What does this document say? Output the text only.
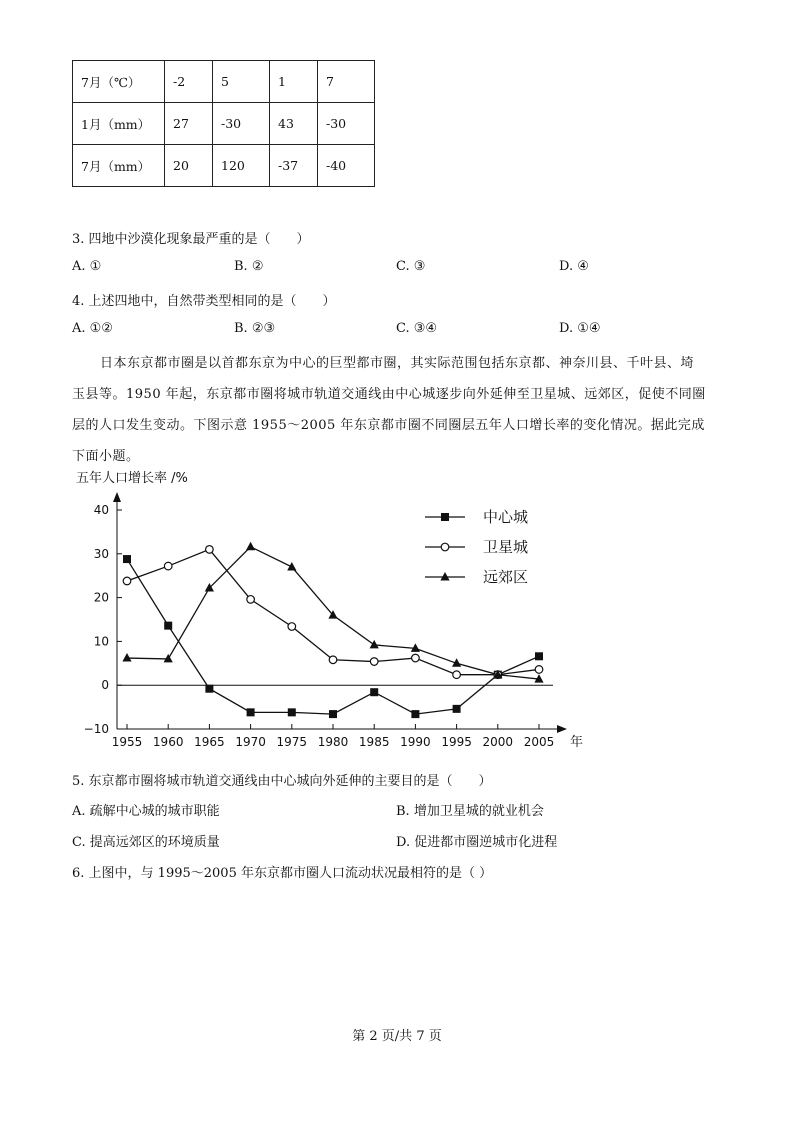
7月（℃）	-2	5	1	7
1月（mm）	27	-30	43	-30
7月（mm）	20	120	-37	-40
3. 四地中沙漠化现象最严重的是（　　）
A. ①	B. ②	C. ③	D. ④
4. 上述四地中，自然带类型相同的是（　　）
A. ①②	B. ②③	C. ③④	D. ①④
日本东京都市圈是以首都东京为中心的巨型都市圈，其实际范围包括东京都、神奈川县、千叶县、埼
玉县等。1950 年起，东京都市圈将城市轨道交通线由中心城逐步向外延伸至卫星城、远郊区，促使不同圈
层的人口发生变动。下图示意 1955～2005 年东京都市圈不同圈层五年人口增长率的变化情况。据此完成
下面小题。
五年人口增长率 /%
40
30
20
10
0
−10
1955 1960 1965 1970 1975 1980 1985 1990 1995 2000 2005 年
中心城
卫星城
远郊区
5. 东京都市圈将城市轨道交通线由中心城向外延伸的主要目的是（　　）
A. 疏解中心城的城市职能	B. 增加卫星城的就业机会
C. 提高远郊区的环境质量	D. 促进都市圈逆城市化进程
6. 上图中，与 1995～2005 年东京都市圈人口流动状况最相符的是（ ）
第 2 页/共 7 页
